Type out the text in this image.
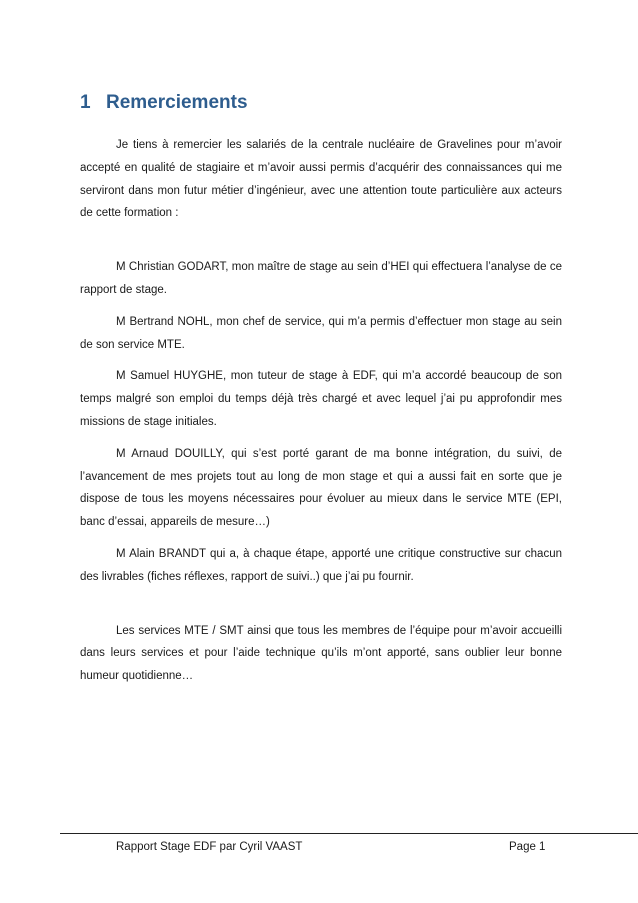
1 Remerciements

Je tiens à remercier les salariés de la centrale nucléaire de Gravelines pour m’avoir accepté en qualité de stagiaire et m’avoir aussi permis d’acquérir des connaissances qui me serviront dans mon futur métier d’ingénieur, avec une attention toute particulière aux acteurs de cette formation :

M Christian GODART, mon maître de stage au sein d’HEI qui effectuera l’analyse de ce rapport de stage.

M Bertrand NOHL, mon chef de service, qui m’a permis d’effectuer mon stage au sein de son service MTE.

M Samuel HUYGHE, mon tuteur de stage à EDF, qui m’a accordé beaucoup de son temps malgré son emploi du temps déjà très chargé et avec lequel j’ai pu approfondir mes missions de stage initiales.

M Arnaud DOUILLY, qui s’est porté garant de ma bonne intégration, du suivi, de l’avancement de mes projets tout au long de mon stage et qui a aussi fait en sorte que je dispose de tous les moyens nécessaires pour évoluer au mieux dans le service MTE (EPI, banc d’essai, appareils de mesure…)

M Alain BRANDT qui a, à chaque étape, apporté une critique constructive sur chacun des livrables (fiches réflexes, rapport de suivi..) que j’ai pu fournir.

Les services MTE / SMT ainsi que tous les membres de l’équipe pour m’avoir accueilli dans leurs services et pour l’aide technique qu’ils m’ont apporté, sans oublier leur bonne humeur quotidienne…

Rapport Stage EDF par Cyril VAAST	Page 1
